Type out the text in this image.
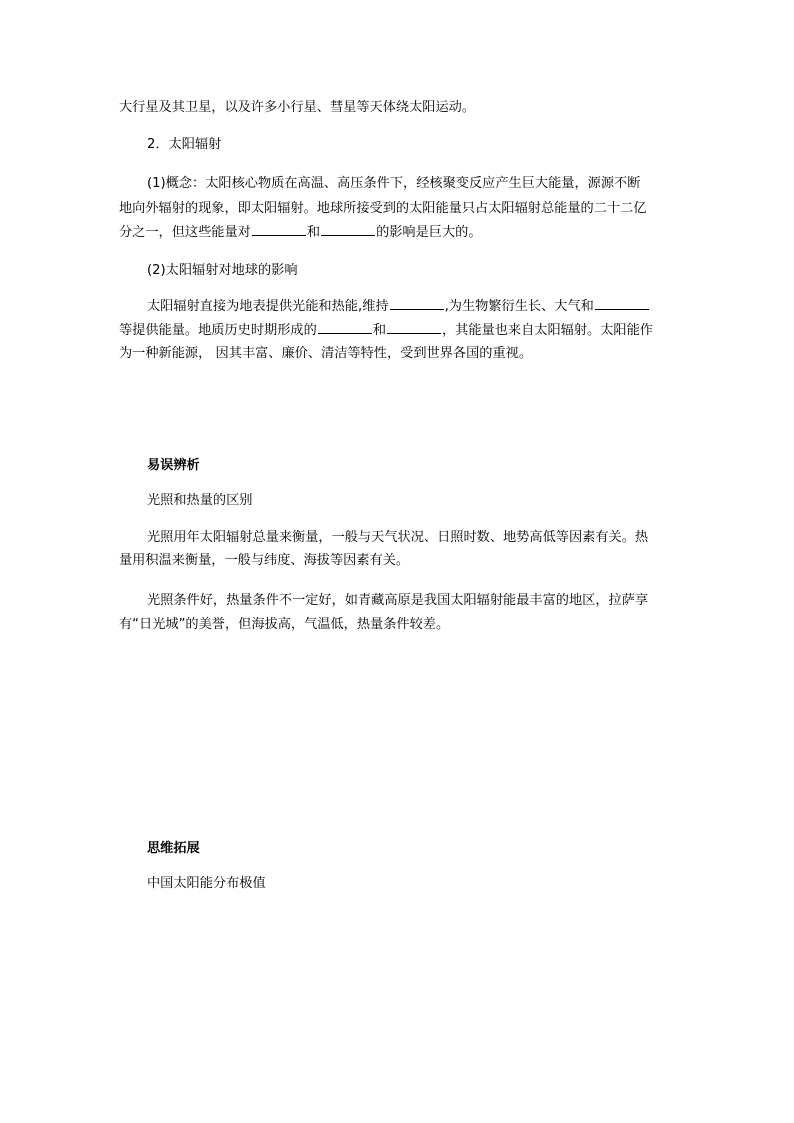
大行星及其卫星，以及许多小行星、彗星等天体绕太阳运动。
2．太阳辐射
(1)概念：太阳核心物质在高温、高压条件下，经核聚变反应产生巨大能量，源源不断
地向外辐射的现象，即太阳辐射。地球所接受到的太阳能量只占太阳辐射总能量的二十二亿
分之一，但这些能量对	和	的影响是巨大的。
(2)太阳辐射对地球的影响
太阳辐射直接为地表提供光能和热能,维持	,为生物繁衍生长、大气和
等提供能量。地质历史时期形成的	和	，其能量也来自太阳辐射。太阳能作
为一种新能源， 因其丰富、廉价、清洁等特性，受到世界各国的重视。
易误辨析
光照和热量的区别
光照用年太阳辐射总量来衡量，一般与天气状况、日照时数、地势高低等因素有关。热
量用积温来衡量，一般与纬度、海拔等因素有关。
光照条件好，热量条件不一定好，如青藏高原是我国太阳辐射能最丰富的地区，拉萨享
有“日光城”的美誉，但海拔高，气温低，热量条件较差。
思维拓展
中国太阳能分布极值
